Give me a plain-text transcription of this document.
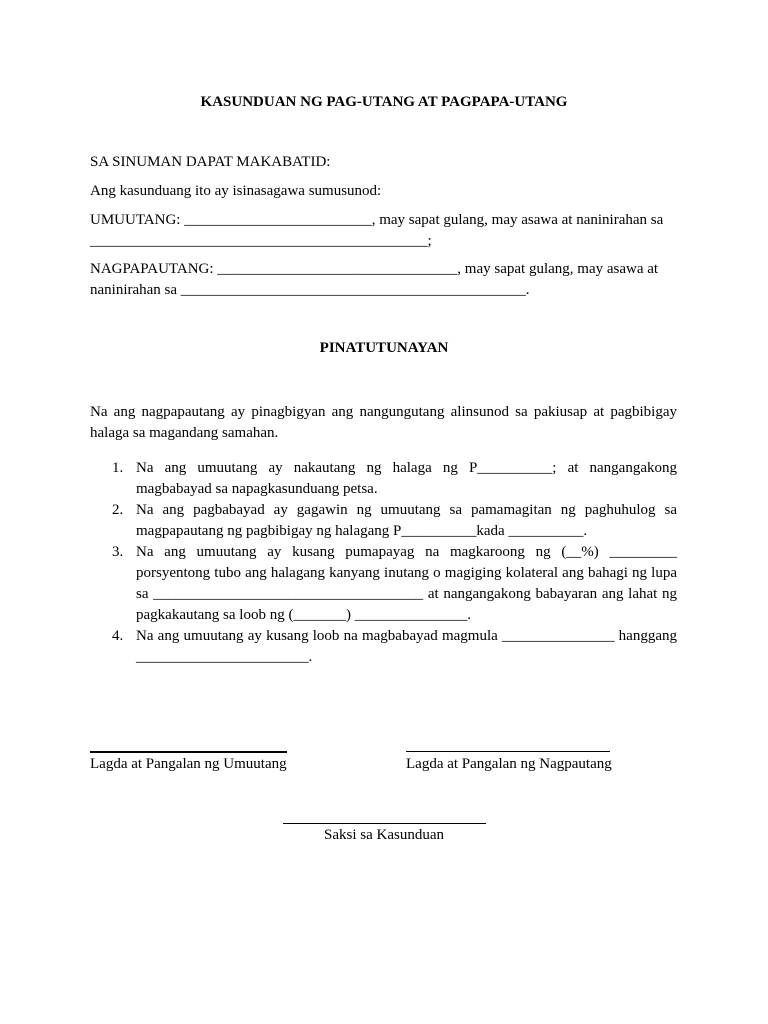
KASUNDUAN NG PAG-UTANG AT PAGPAPA-UTANG

SA SINUMAN DAPAT MAKABATID:

Ang kasunduang ito ay isinasagawa sumusunod:

UMUUTANG: _________________________, may sapat gulang, may asawa at naninirahan sa _____________________________________________;

NAGPAPAUTANG: ________________________________, may sapat gulang, may asawa at naninirahan sa ______________________________________________.

PINATUTUNAYAN

Na ang nagpapautang ay pinagbigyan ang nangungutang alinsunod sa pakiusap at pagbibigay halaga sa magandang samahan.

1. Na ang umuutang ay nakautang ng halaga ng P__________; at nangangakong magbabayad sa napagkasunduang petsa.
2. Na ang pagbabayad ay gagawin ng umuutang sa pamamagitan ng paghuhulog sa magpapautang ng pagbibigay ng halagang P__________kada __________.
3. Na ang umuutang ay kusang pumapayag na magkaroong ng (__%) _________ porsyentong tubo ang halagang kanyang inutang o magiging kolateral ang bahagi ng lupa sa ____________________________________ at nangangakong babayaran ang lahat ng pagkakautang sa loob ng (_______) _______________.
4. Na ang umuutang ay kusang loob na magbabayad magmula _______________ hanggang _______________________.

Lagda at Pangalan ng Umuutang	Lagda at Pangalan ng Nagpautang

Saksi sa Kasunduan
